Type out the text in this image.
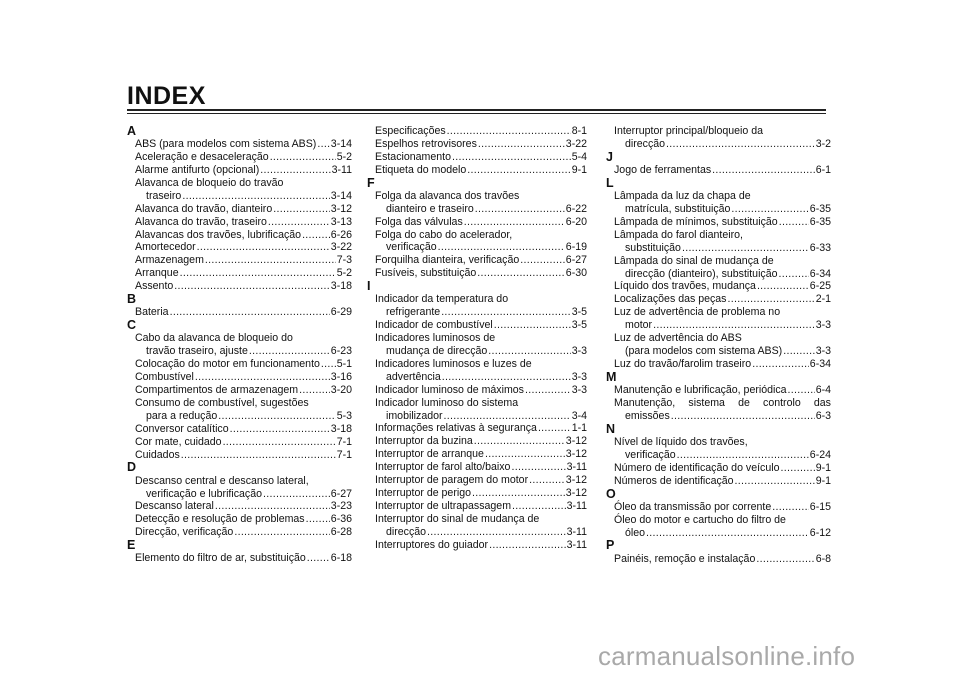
INDEX
A
ABS (para modelos com sistema ABS) ..... 3-14
Aceleração e desaceleração .....	5-2
Alarme antifurto (opcional) .....	3-11
Alavanca de bloqueio do travão
traseiro .....	3-14
Alavanca do travão, dianteiro .....	3-12
Alavanca do travão, traseiro .....	3-13
Alavancas dos travões, lubrificação .....	6-26
Amortecedor .....	3-22
Armazenagem .....	7-3
Arranque .....	5-2
Assento .....	3-18
B
Bateria .....	6-29
C
Cabo da alavanca de bloqueio do
travão traseiro, ajuste .....	6-23
Colocação do motor em funcionamento ..... 5-1
Combustível .....	3-16
Compartimentos de armazenagem .....	3-20
Consumo de combustível, sugestões
para a redução .....	5-3
Conversor catalítico .....	3-18
Cor mate, cuidado .....	7-1
Cuidados .....	7-1
D
Descanso central e descanso lateral,
verificação e lubrificação .....	6-27
Descanso lateral .....	3-23
Detecção e resolução de problemas ..... 6-36
Direcção, verificação .....	6-28
E
Elemento do filtro de ar, substituição ..... 6-18
Especificações .....	8-1
Espelhos retrovisores .....	3-22
Estacionamento .....	5-4
Etiqueta do modelo .....	9-1
F
Folga da alavanca dos travões
dianteiro e traseiro .....	6-22
Folga das válvulas .....	6-20
Folga do cabo do acelerador,
verificação .....	6-19
Forquilha dianteira, verificação .....	6-27
Fusíveis, substituição .....	6-30
I
Indicador da temperatura do
refrigerante .....	3-5
Indicador de combustível .....	3-5
Indicadores luminosos de
mudança de direcção .....	3-3
Indicadores luminosos e luzes de
advertência .....	3-3
Indicador luminoso de máximos .....	3-3
Indicador luminoso do sistema
imobilizador .....	3-4
Informações relativas à segurança .....	1-1
Interruptor da buzina .....	3-12
Interruptor de arranque .....	3-12
Interruptor de farol alto/baixo .....	3-11
Interruptor de paragem do motor .....	3-12
Interruptor de perigo .....	3-12
Interruptor de ultrapassagem .....	3-11
Interruptor do sinal de mudança de
direcção .....	3-11
Interruptores do guiador .....	3-11
Interruptor principal/bloqueio da
direcção .....	3-2
J
Jogo de ferramentas .....	6-1
L
Lâmpada da luz da chapa de
matrícula, substituição .....	6-35
Lâmpada de mínimos, substituição .....	6-35
Lâmpada do farol dianteiro,
substituição .....	6-33
Lâmpada do sinal de mudança de
direcção (dianteiro), substituição .....	6-34
Líquido dos travões, mudança .....	6-25
Localizações das peças .....	2-1
Luz de advertência de problema no
motor .....	3-3
Luz de advertência do ABS
(para modelos com sistema ABS) .....	3-3
Luz do travão/farolim traseiro .....	6-34
M
Manutenção e lubrificação, periódica .....	6-4
Manutenção, sistema de controlo das
emissões .....	6-3
N
Nível de líquido dos travões,
verificação .....	6-24
Número de identificação do veículo .....	9-1
Números de identificação .....	9-1
O
Óleo da transmissão por corrente .....	6-15
Óleo do motor e cartucho do filtro de
óleo .....	6-12
P
Painéis, remoção e instalação .....	6-8
carmanualsonline.info
